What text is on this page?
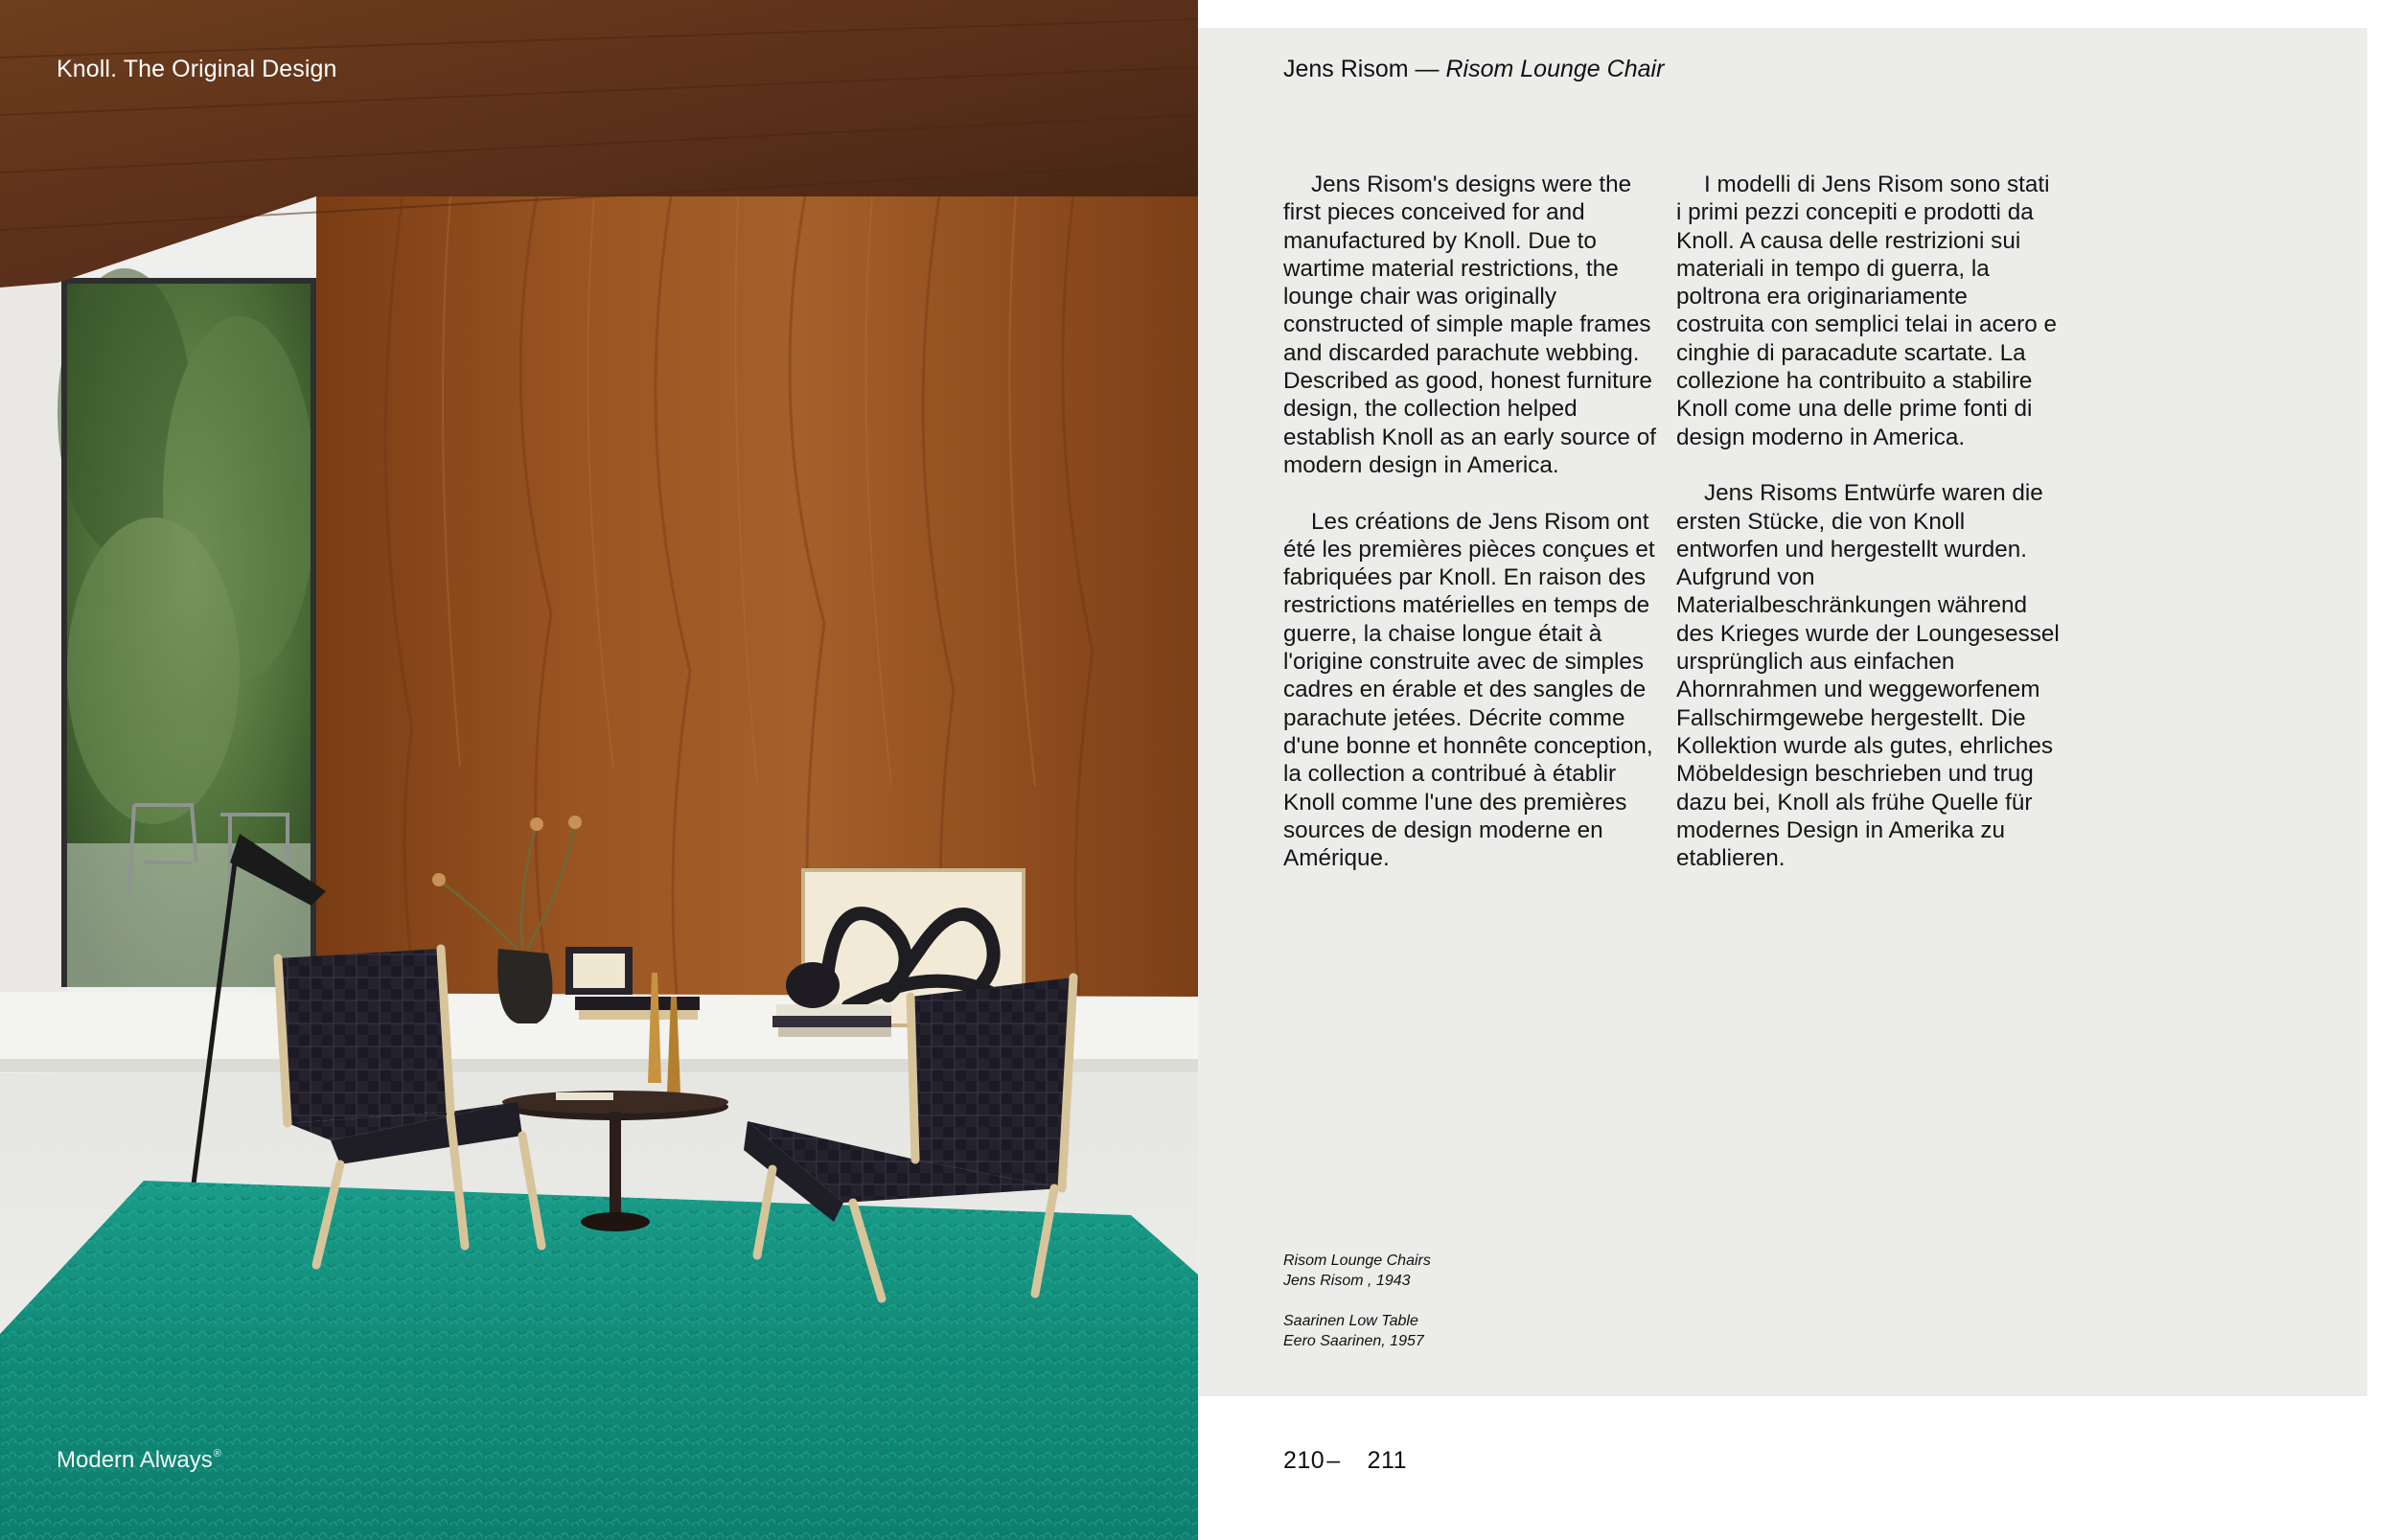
Knoll. The Original Design
Modern Always®
Jens Risom — Risom Lounge Chair

Jens Risom's designs were the first pieces conceived for and manufactured by Knoll. Due to wartime material restrictions, the lounge chair was originally constructed of simple maple frames and discarded parachute webbing. Described as good, honest furniture design, the collection helped establish Knoll as an early source of modern design in America.

Les créations de Jens Risom ont été les premières pièces conçues et fabriquées par Knoll. En raison des restrictions matérielles en temps de guerre, la chaise longue était à l'origine construite avec de simples cadres en érable et des sangles de parachute jetées. Décrite comme d'une bonne et honnête conception, la collection a contribué à établir Knoll comme l'une des premières sources de design moderne en Amérique.

I modelli di Jens Risom sono stati i primi pezzi concepiti e prodotti da Knoll. A causa delle restrizioni sui materiali in tempo di guerra, la poltrona era originariamente costruita con semplici telai in acero e cinghie di paracadute scartate. La collezione ha contribuito a stabilire Knoll come una delle prime fonti di design moderno in America.

Jens Risoms Entwürfe waren die ersten Stücke, die von Knoll entworfen und hergestellt wurden. Aufgrund von Materialbeschränkungen während des Krieges wurde der Loungesessel ursprünglich aus einfachen Ahornrahmen und weggeworfenem Fallschirmgewebe hergestellt. Die Kollektion wurde als gutes, ehrliches Möbeldesign beschrieben und trug dazu bei, Knoll als frühe Quelle für modernes Design in Amerika zu etablieren.

Risom Lounge Chairs
Jens Risom , 1943
Saarinen Low Table
Eero Saarinen, 1957
210– 211
